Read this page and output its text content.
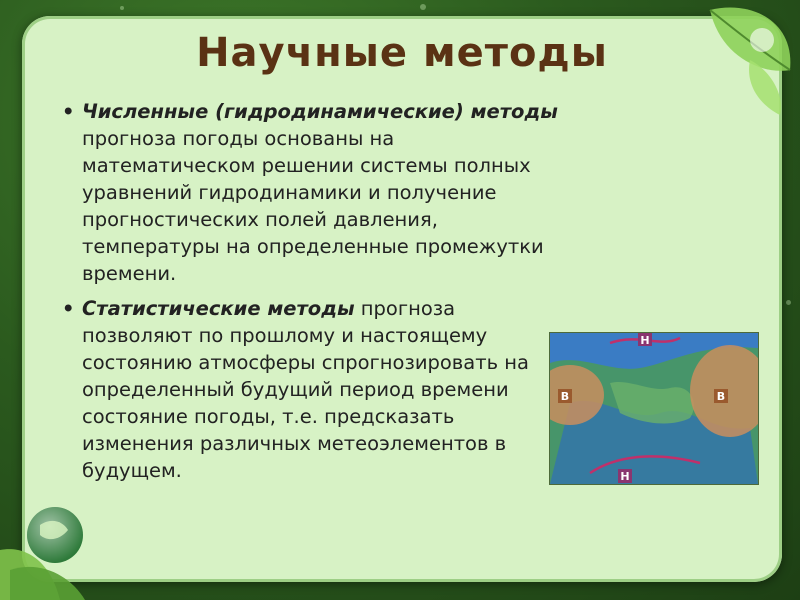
Научные методы
• Численные (гидродинамические) методы прогноза погоды основаны на математическом решении системы полных уравнений гидродинамики и получение прогностических полей давления, температуры на определенные промежутки времени.
• Статистические методы прогноза позволяют по прошлому и настоящему состоянию атмосферы спрогнозировать на определенный будущий период времени состояние погоды, т.е. предсказать изменения различных метеоэлементов в будущем.
Н
В	В
Н
